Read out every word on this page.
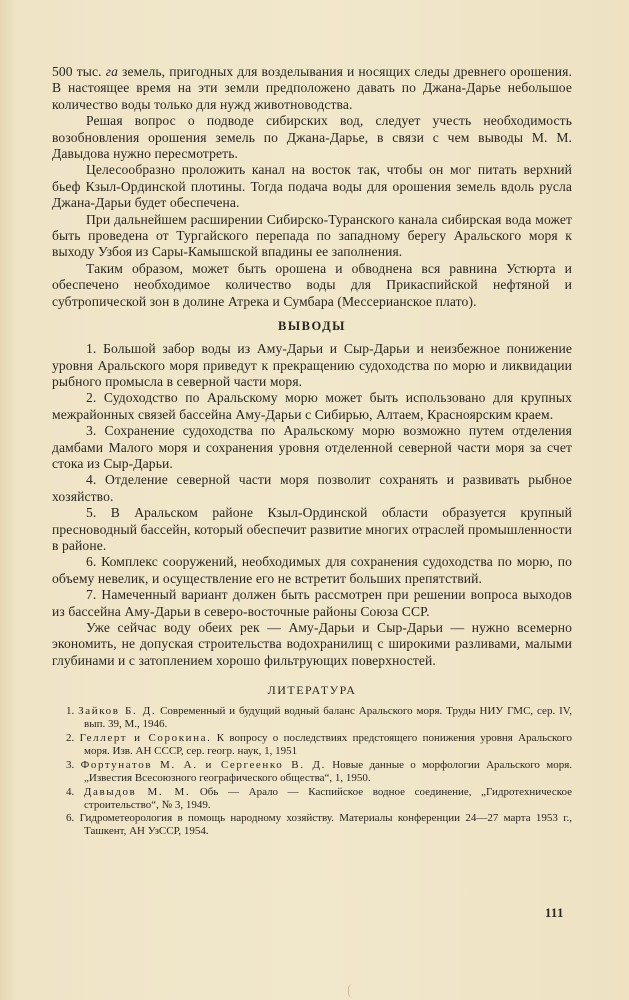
500 тыс. га земель, пригодных для возделывания и носящих следы древнего орошения. В настоящее время на эти земли предположено давать по Джана-Дарье небольшое количество воды только для нужд животноводства.

Решая вопрос о подводе сибирских вод, следует учесть необходимость возобновления орошения земель по Джана-Дарье, в связи с чем выводы М. М. Давыдова нужно пересмотреть.

Целесообразно проложить канал на восток так, чтобы он мог питать верхний бьеф Кзыл-Ординской плотины. Тогда подача воды для орошения земель вдоль русла Джана-Дарьи будет обеспечена.

При дальнейшем расширении Сибирско-Туранского канала сибирская вода может быть проведена от Тургайского перепада по западному берегу Аральского моря к выходу Узбоя из Сары-Камышской впадины ее заполнения.

Таким образом, может быть орошена и обводнена вся равнина Устюрта и обеспечено необходимое количество воды для Прикаспийской нефтяной и субтропической зон в долине Атрека и Сумбара (Мессерианское плато).

ВЫВОДЫ

1. Большой забор воды из Аму-Дарьи и Сыр-Дарьи и неизбежное понижение уровня Аральского моря приведут к прекращению судоходства по морю и ликвидации рыбного промысла в северной части моря.

2. Судоходство по Аральскому морю может быть использовано для крупных межрайонных связей бассейна Аму-Дарьи с Сибирью, Алтаем, Красноярским краем.

3. Сохранение судоходства по Аральскому морю возможно путем отделения дамбами Малого моря и сохранения уровня отделенной северной части моря за счет стока из Сыр-Дарьи.

4. Отделение северной части моря позволит сохранять и развивать рыбное хозяйство.

5. В Аральском районе Кзыл-Ординской области образуется крупный пресноводный бассейн, который обеспечит развитие многих отраслей промышленности в районе.

6. Комплекс сооружений, необходимых для сохранения судоходства по морю, по объему невелик, и осуществление его не встретит больших препятствий.

7. Намеченный вариант должен быть рассмотрен при решении вопроса выходов из бассейна Аму-Дарьи в северо-восточные районы Союза ССР.

Уже сейчас воду обеих рек — Аму-Дарьи и Сыр-Дарьи — нужно всемерно экономить, не допуская строительства водохранилищ с широкими разливами, малыми глубинами и с затоплением хорошо фильтрующих поверхностей.

ЛИТЕРАТУРА
1. Зайков Б. Д. Современный и будущий водный баланс Аральского моря. Труды НИУ ГМС, сер. IV, вып. 39, М., 1946.
2. Геллерт и Сорокина. К вопросу о последствиях предстоящего понижения уровня Аральского моря. Изв. АН СССР, сер. геогр. наук, 1, 1951
3. Фортунатов М. А. и Сергеенко В. Д. Новые данные о морфологии Аральского моря. „Известия Всесоюзного географического общества“, 1, 1950.
4. Давыдов М. М. Обь — Арало — Каспийское водное соединение, „Гидротехническое строительство“, № 3, 1949.
6. Гидрометеорология в помощь народному хозяйству. Материалы конференции 24—27 марта 1953 г., Ташкент, АН УзССР, 1954.
111
